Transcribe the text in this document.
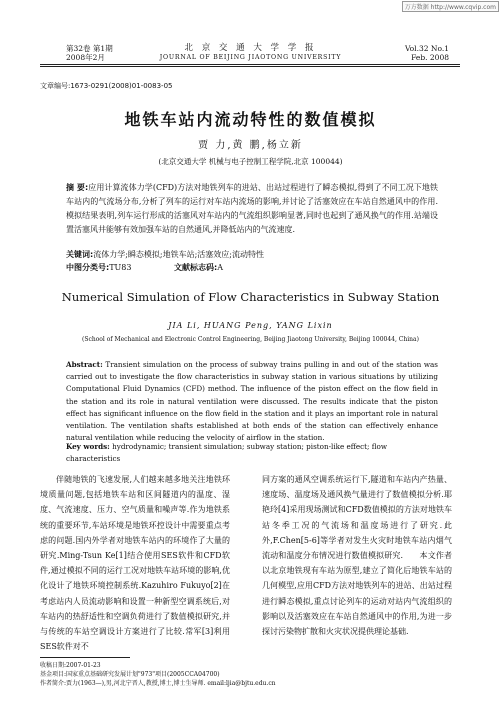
万方数据 http://www.cqvip.com
第32卷 第1期
2008年2月
北 京 交 通 大 学 学 报
JOURNAL OF BEIJING JIAOTONG UNIVERSITY
Vol.32 No.1
Feb. 2008
文章编号:1673-0291(2008)01-0083-05
地铁车站内流动特性的数值模拟
贾 力,黄 鹏,杨立新
(北京交通大学 机械与电子控制工程学院,北京 100044)
摘 要:应用计算流体力学(CFD)方法对地铁列车的进站、出站过程进行了瞬态模拟,得到了不同工况下地铁车站内的气流场分布,分析了列车的运行对车站内流场的影响,并讨论了活塞效应在车站自然通风中的作用.模拟结果表明,列车运行形成的活塞风对车站内的气流组织影响显著,同时也起到了通风换气的作用.站端设置活塞风井能够有效加强车站的自然通风,并降低站内的气流速度.
关键词:流体力学;瞬态模拟;地铁车站;活塞效应;流动特性
中图分类号:TU83	文献标志码:A
Numerical Simulation of Flow Characteristics in Subway Station
JIA Li, HUANG Peng, YANG Lixin
(School of Mechanical and Electronic Control Engineering, Beijing Jiaotong University, Beijing 100044, China)
Abstract: Transient simulation on the process of subway trains pulling in and out of the station was carried out to investigate the flow characteristics in subway station in various situations by utilizing Computational Fluid Dynamics (CFD) method. The influence of the piston effect on the flow field in the station and its role in natural ventilation were discussed. The results indicate that the piston effect has significant influence on the flow field in the station and it plays an important role in natural ventilation. The ventilation shafts established at both ends of the station can effectively enhance natural ventilation while reducing the velocity of airflow in the station.
Key words: hydrodynamic; transient simulation; subway station; piston-like effect; flow characteristics
伴随地铁的飞速发展,人们越来越多地关注地铁环境质量问题,包括地铁车站和区间隧道内的温度、湿度、气流速度、压力、空气质量和噪声等.作为地铁系统的重要环节,车站环境是地铁环控设计中需要重点考虑的问题.国内外学者对地铁车站内的环境作了大量的研究.Ming-Tsun Ke[1]结合使用SES软件和CFD软件,通过模拟不同的运行工况对地铁车站环境的影响,优化设计了地铁环境控制系统.Kazuhiro Fukuyo[2]在考虑站内人员流动影响和设置一种新型空调系统后,对车站内的热舒适性和空调负荷进行了数值模拟研究,并与传统的车站空调设计方案进行了比较.常军[3]利用SES软件对不
同方案的通风空调系统运行下,隧道和车站内产热量、速度场、温度场及通风换气量进行了数值模拟分析.耶艳玲[4]采用现场测试和CFD数值模拟的方法对地铁车站冬季工况的气流场和温度场进行了研究.此外,F.Chen[5-6]等学者对发生火灾时地铁车站内烟气流动和温度分布情况进行数值模拟研究.　　本文作者以北京地铁现有车站为原型,建立了简化后地铁车站的几何模型,应用CFD方法对地铁列车的进站、出站过程进行瞬态模拟,重点讨论列车的运动对站内气流组织的影响以及活塞效应在车站自然通风中的作用,为进一步探讨污染物扩散和火灾状况提供理论基础.
收稿日期:2007-01-23
基金项目:国家重点基础研究发展计划"973"项目(2005CCA04700)
作者简介:贾力(1963—),男,河北宁晋人,教授,博士,博士生导师. email:ljia@bjtu.edu.cn
